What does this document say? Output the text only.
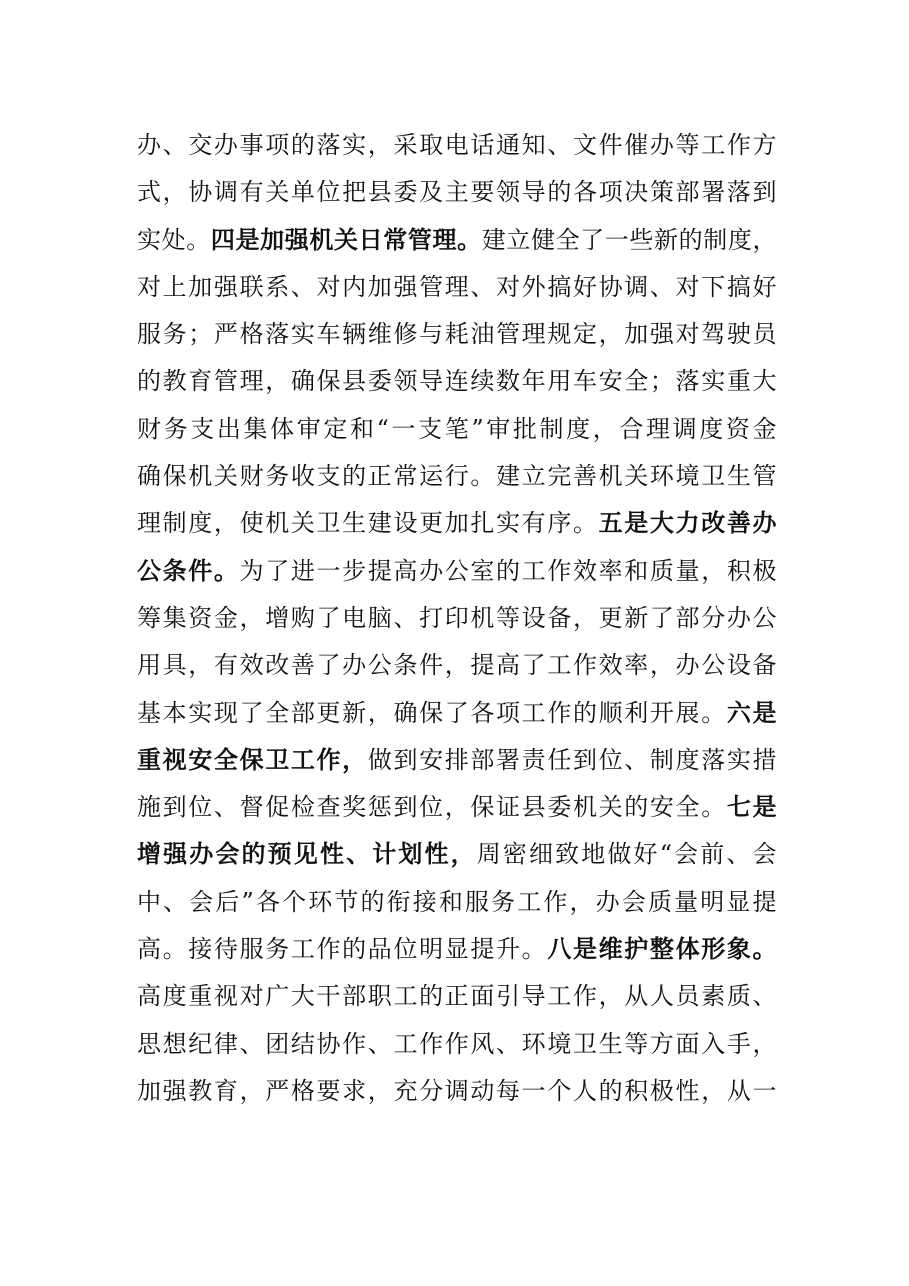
办、交办事项的落实，采取电话通知、文件催办等工作方
式，协调有关单位把县委及主要领导的各项决策部署落到
实处。四是加强机关日常管理。建立健全了一些新的制度，
对上加强联系、对内加强管理、对外搞好协调、对下搞好
服务；严格落实车辆维修与耗油管理规定，加强对驾驶员
的教育管理，确保县委领导连续数年用车安全；落实重大
财务支出集体审定和“一支笔”审批制度，合理调度资金
确保机关财务收支的正常运行。建立完善机关环境卫生管
理制度，使机关卫生建设更加扎实有序。五是大力改善办
公条件。为了进一步提高办公室的工作效率和质量，积极
筹集资金，增购了电脑、打印机等设备，更新了部分办公
用具，有效改善了办公条件，提高了工作效率，办公设备
基本实现了全部更新，确保了各项工作的顺利开展。六是
重视安全保卫工作，做到安排部署责任到位、制度落实措
施到位、督促检查奖惩到位，保证县委机关的安全。七是
增强办会的预见性、计划性，周密细致地做好“会前、会
中、会后”各个环节的衔接和服务工作，办会质量明显提
高。接待服务工作的品位明显提升。八是维护整体形象。
高度重视对广大干部职工的正面引导工作，从人员素质、
思想纪律、团结协作、工作作风、环境卫生等方面入手，
加强教育，严格要求，充分调动每一个人的积极性，从一
